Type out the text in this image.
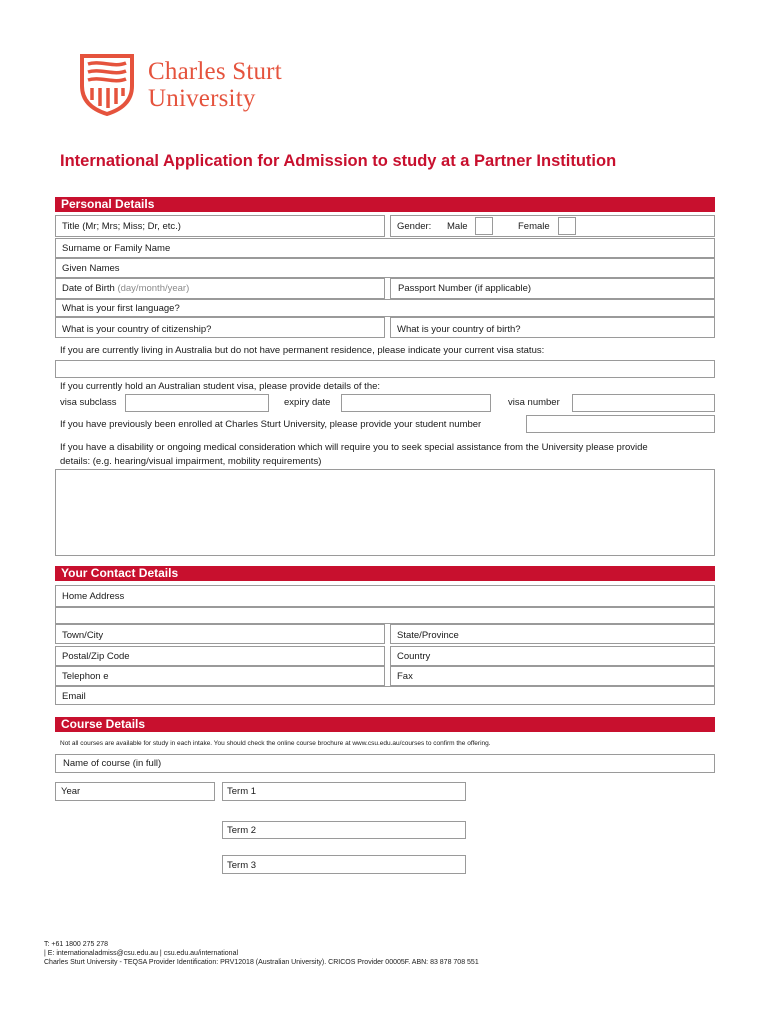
Charles Sturt
University
International Application for Admission to study at a Partner Institution
Personal Details
Title (Mr; Mrs; Miss; Dr, etc.)	Gender: Male	Female
Surname or Family Name
Given Names
Date of Birth (day/month/year)	Passport Number (if applicable)
What is your first language?
What is your country of citizenship?	What is your country of birth?
If you are currently living in Australia but do not have permanent residence, please indicate your current visa status:
If you currently hold an Australian student visa, please provide details of the:
visa subclass	expiry date	visa number
If you have previously been enrolled at Charles Sturt University, please provide your student number
If you have a disability or ongoing medical consideration which will require you to seek special assistance from the University please provide
details: (e.g. hearing/visual impairment, mobility requirements)
Your Contact Details
Home Address
Town/City	State/Province
Postal/Zip Code	Country
Telephon e	Fax
Email
Course Details
Not all courses are available for study in each intake. You should check the online course brochure at www.csu.edu.au/courses to confirm the offering.
Name of course (in full)
Year	Term 1
Term 2
Term 3
T: +61 1800 275 278
| E: internationaladmiss@csu.edu.au | csu.edu.au/international
Charles Sturt University - TEQSA Provider Identification: PRV12018 (Australian University). CRICOS Provider 00005F. ABN: 83 878 708 551
